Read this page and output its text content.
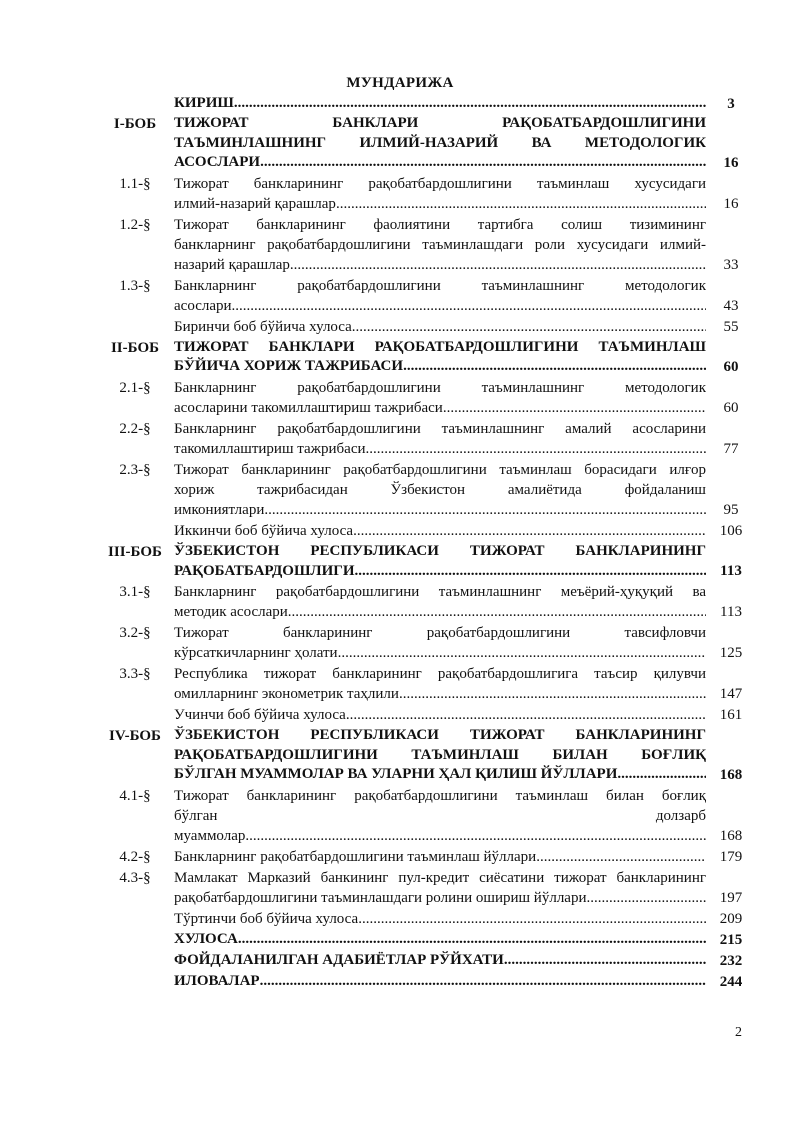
МУНДАРИЖА
КИРИШ .....	3
I-БОБ	ТИЖОРАТ БАНКЛАРИ РАҚОБАТБАРДОШЛИГИНИ
ТАЪМИНЛАШНИНГ ИЛМИЙ-НАЗАРИЙ ВА МЕТОДОЛОГИК
АСОСЛАРИ .....	16
1.1-§	Тижорат банкларининг рақобатбардошлигини таъминлаш хусусидаги
илмий-назарий қарашлар .....	16
1.2-§	Тижорат банкларининг фаолиятини тартибга солиш тизимининг
банкларнинг рақобатбардошлигини таъминлашдаги роли хусусидаги илмий-
назарий қарашлар .....	33
1.3-§	Банкларнинг рақобатбардошлигини таъминлашнинг методологик
асослари .....	43
Биринчи боб бўйича хулоса .....	55
II-БОБ ТИЖОРАТ БАНКЛАРИ РАҚОБАТБАРДОШЛИГИНИ ТАЪМИНЛАШ
БЎЙИЧА ХОРИЖ ТАЖРИБАСИ .....	60
2.1-§	Банкларнинг рақобатбардошлигини таъминлашнинг методологик
асосларини такомиллаштириш тажрибаси .....	60
2.2-§	Банкларнинг рақобатбардошлигини таъминлашнинг амалий асосларини
такомиллаштириш тажрибаси .....	77
2.3-§	Тижорат банкларининг рақобатбардошлигини таъминлаш борасидаги илғор
хориж тажрибасидан Ўзбекистон амалиётида фойдаланиш
имкониятлари .....	95
Иккинчи боб бўйича хулоса .....	106
III-БОБ ЎЗБЕКИСТОН РЕСПУБЛИКАСИ ТИЖОРАТ БАНКЛАРИНИНГ
РАҚОБАТБАРДОШЛИГИ .....	113
3.1-§	Банкларнинг рақобатбардошлигини таъминлашнинг меъёрий-ҳуқуқий ва
методик асослари .....	113
3.2-§	Тижорат банкларининг рақобатбардошлигини тавсифловчи
кўрсаткичларнинг ҳолати .....	125
3.3-§	Республика тижорат банкларининг рақобатбардошлигига таъсир қилувчи
омилларнинг эконометрик таҳлили .....	147
Учинчи боб бўйича хулоса .....	161
IV-БОБ ЎЗБЕКИСТОН РЕСПУБЛИКАСИ ТИЖОРАТ БАНКЛАРИНИНГ
РАҚОБАТБАРДОШЛИГИНИ ТАЪМИНЛАШ БИЛАН БОҒЛИҚ
БЎЛГАН МУАММОЛАР ВА УЛАРНИ ҲАЛ ҚИЛИШ ЙЎЛЛАРИ .....	168
4.1-§	Тижорат банкларининг рақобатбардошлигини таъминлаш билан боғлиқ
бўлган долзарб
муаммолар .....	168
4.2-§	Банкларнинг рақобатбардошлигини таъминлаш йўллари .....	179
4.3-§	Мамлакат Марказий банкининг пул-кредит сиёсатини тижорат банкларининг
рақобатбардошлигини таъминлашдаги ролини ошириш йўллари .....	197
Тўртинчи боб бўйича хулоса .....	209
ХУЛОСА .....	215
ФОЙДАЛАНИЛГАН АДАБИЁТЛАР РЎЙХАТИ .....	232
ИЛОВАЛАР .....	244
2
